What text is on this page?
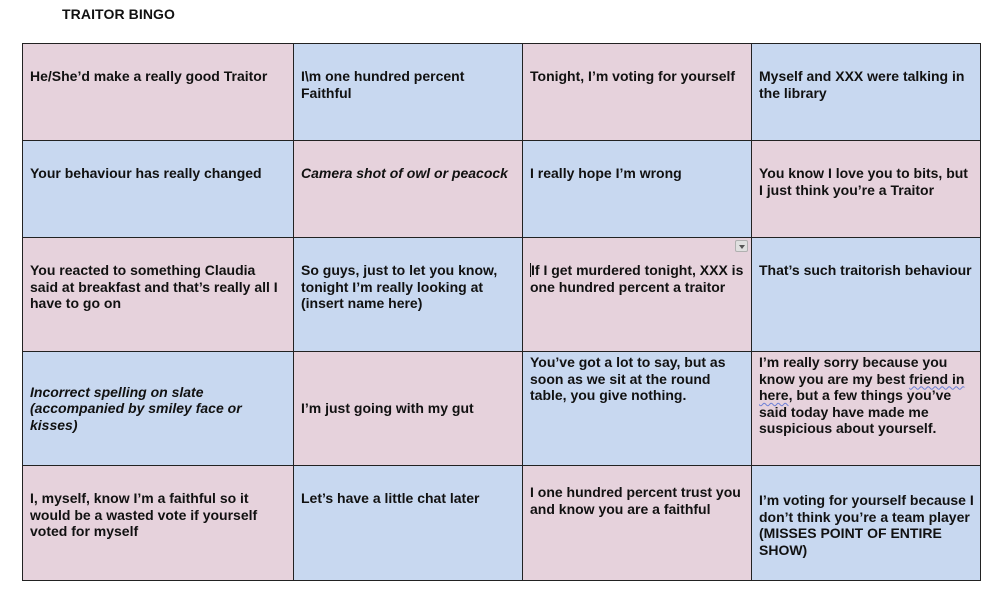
TRAITOR BINGO
He/She’d make a really good Traitor	I\m one hundred percent Faithful	Tonight, I’m voting for yourself	Myself and XXX were talking in the library

Your behaviour has really changed	Camera shot of owl or peacock	I really hope I’m wrong	You know I love you to bits, but I just think you’re a Traitor

You reacted to something Claudia said at breakfast and that’s really all I have to go on	So guys, just to let you know, tonight I’m really looking at (insert name here)	If I get murdered tonight, XXX is one hundred percent a traitor	That’s such traitorish behaviour

Incorrect spelling on slate (accompanied by smiley face or kisses)	I’m just going with my gut	You’ve got a lot to say, but as soon as we sit at the round table, you give nothing.	I’m really sorry because you know you are my best friend in here, but a few things you’ve said today have made me suspicious about yourself.

I, myself, know I’m a faithful so it would be a wasted vote if yourself voted for myself	Let’s have a little chat later	I one hundred percent trust you and know you are a faithful	I’m voting for yourself because I don’t think you’re a team player (MISSES POINT OF ENTIRE SHOW)
